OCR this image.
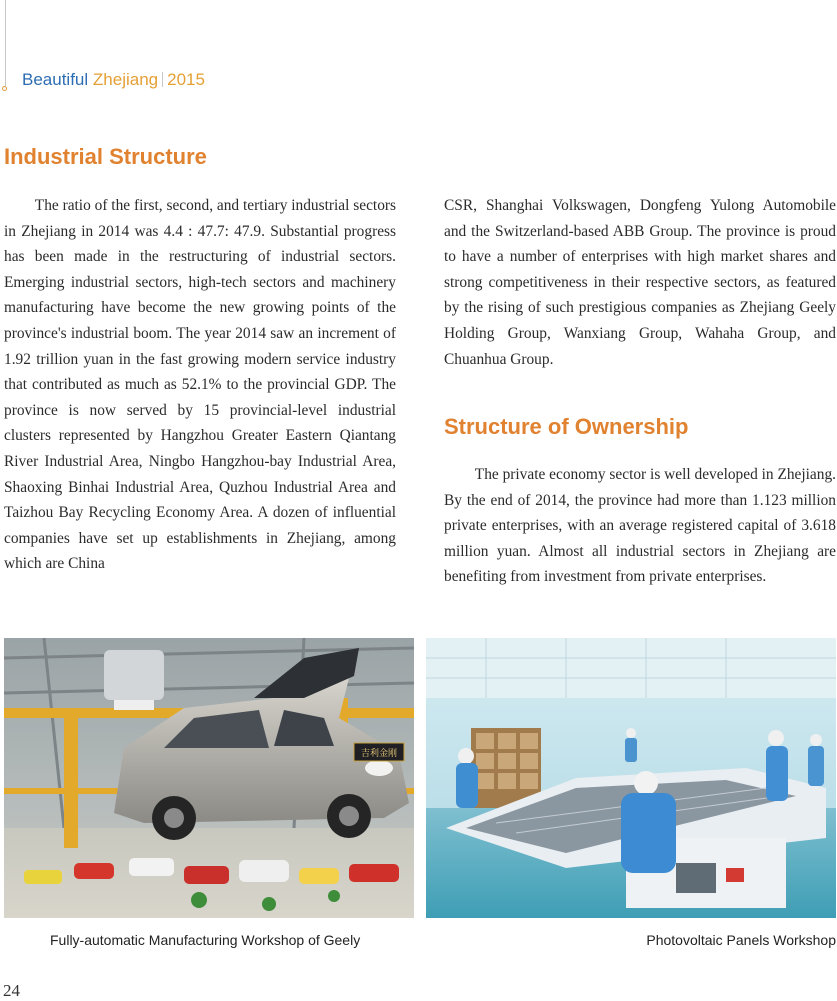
Beautiful Zhejiang 2015
Industrial Structure

The ratio of the first, second, and tertiary industrial sectors in Zhejiang in 2014 was 4.4 : 47.7: 47.9. Substantial progress has been made in the restructuring of industrial sectors. Emerging industrial sectors, high-tech sectors and machinery manufacturing have become the new growing points of the province's industrial boom. The year 2014 saw an increment of 1.92 trillion yuan in the fast growing modern service industry that contributed as much as 52.1% to the provincial GDP. The province is now served by 15 provincial-level industrial clusters represented by Hangzhou Greater Eastern Qiantang River Industrial Area, Ningbo Hangzhou-bay Industrial Area, Shaoxing Binhai Industrial Area, Quzhou Industrial Area and Taizhou Bay Recycling Economy Area. A dozen of influential companies have set up establishments in Zhejiang, among which are China

CSR, Shanghai Volkswagen, Dongfeng Yulong Automobile and the Switzerland-based ABB Group. The province is proud to have a number of enterprises with high market shares and strong competitiveness in their respective sectors, as featured by the rising of such prestigious companies as Zhejiang Geely Holding Group, Wanxiang Group, Wahaha Group, and Chuanhua Group.

Structure of Ownership

The private economy sector is well developed in Zhejiang. By the end of 2014, the province had more than 1.123 million private enterprises, with an average registered capital of 3.618 million yuan. Almost all industrial sectors in Zhejiang are benefiting from investment from private enterprises.

吉利金刚
Fully-automatic Manufacturing Workshop of Geely	Photovoltaic Panels Workshop
24
